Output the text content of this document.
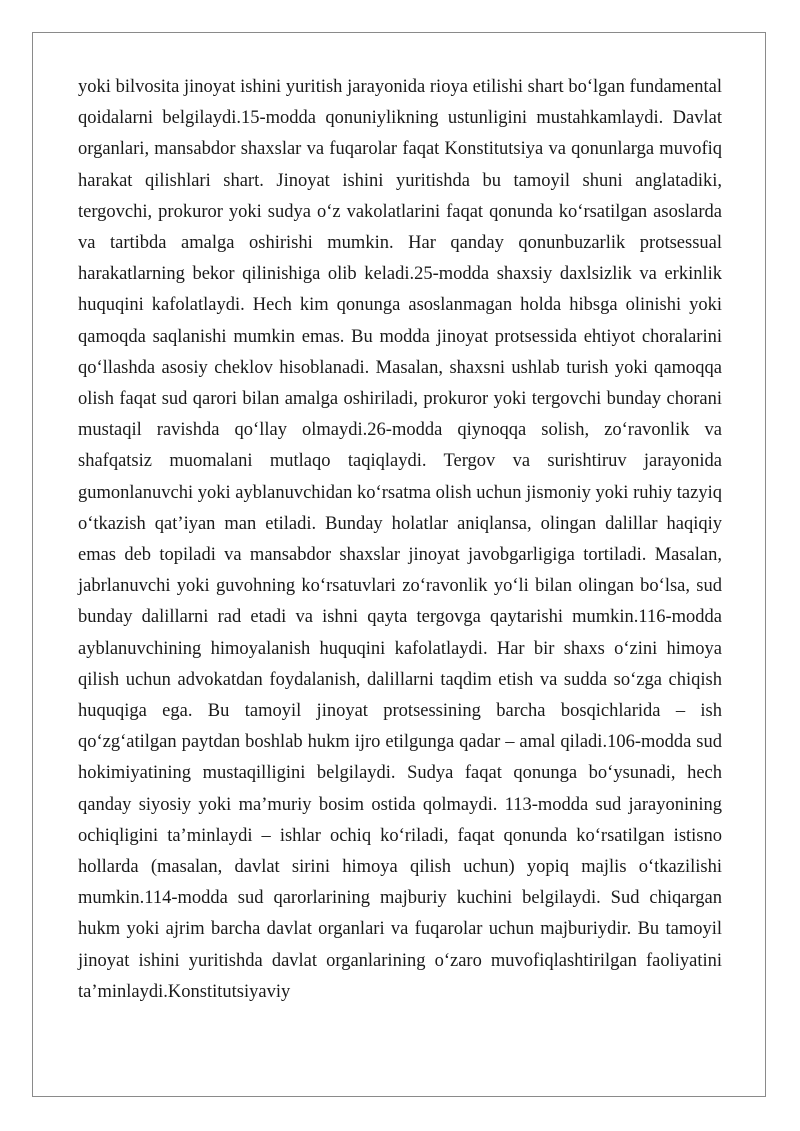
yoki bilvosita jinoyat ishini yuritish jarayonida rioya etilishi shart bo‘lgan fundamental qoidalarni belgilaydi.15-modda qonuniylikning ustunligini mustahkamlaydi. Davlat organlari, mansabdor shaxslar va fuqarolar faqat Konstitutsiya va qonunlarga muvofiq harakat qilishlari shart. Jinoyat ishini yuritishda bu tamoyil shuni anglatadiki, tergovchi, prokuror yoki sudya o‘z vakolatlarini faqat qonunda ko‘rsatilgan asoslarda va tartibda amalga oshirishi mumkin. Har qanday qonunbuzarlik protsessual harakatlarning bekor qilinishiga olib keladi.25-modda shaxsiy daxlsizlik va erkinlik huquqini kafolatlaydi. Hech kim qonunga asoslanmagan holda hibsga olinishi yoki qamoqda saqlanishi mumkin emas. Bu modda jinoyat protsessida ehtiyot choralarini qo‘llashda asosiy cheklov hisoblanadi. Masalan, shaxsni ushlab turish yoki qamoqqa olish faqat sud qarori bilan amalga oshiriladi, prokuror yoki tergovchi bunday chorani mustaqil ravishda qo‘llay olmaydi.26-modda qiynoqqa solish, zo‘ravonlik va shafqatsiz muomalani mutlaqo taqiqlaydi. Tergov va surishtiruv jarayonida gumonlanuvchi yoki ayblanuvchidan ko‘rsatma olish uchun jismoniy yoki ruhiy tazyiq o‘tkazish qat’iyan man etiladi. Bunday holatlar aniqlansa, olingan dalillar haqiqiy emas deb topiladi va mansabdor shaxslar jinoyat javobgarligiga tortiladi. Masalan, jabrlanuvchi yoki guvohning ko‘rsatuvlari zo‘ravonlik yo‘li bilan olingan bo‘lsa, sud bunday dalillarni rad etadi va ishni qayta tergovga qaytarishi mumkin.116-modda ayblanuvchining himoyalanish huquqini kafolatlaydi. Har bir shaxs o‘zini himoya qilish uchun advokatdan foydalanish, dalillarni taqdim etish va sudda so‘zga chiqish huquqiga ega. Bu tamoyil jinoyat protsessining barcha bosqichlarida – ish qo‘zg‘atilgan paytdan boshlab hukm ijro etilgunga qadar – amal qiladi.106-modda sud hokimiyatining mustaqilligini belgilaydi. Sudya faqat qonunga bo‘ysunadi, hech qanday siyosiy yoki ma’muriy bosim ostida qolmaydi. 113-modda sud jarayonining ochiqligini ta’minlaydi – ishlar ochiq ko‘riladi, faqat qonunda ko‘rsatilgan istisno hollarda (masalan, davlat sirini himoya qilish uchun) yopiq majlis o‘tkazilishi mumkin.114-modda sud qarorlarining majburiy kuchini belgilaydi. Sud chiqargan hukm yoki ajrim barcha davlat organlari va fuqarolar uchun majburiydir. Bu tamoyil jinoyat ishini yuritishda davlat organlarining o‘zaro muvofiqlashtirilgan faoliyatini ta’minlaydi.Konstitutsiyaviy
